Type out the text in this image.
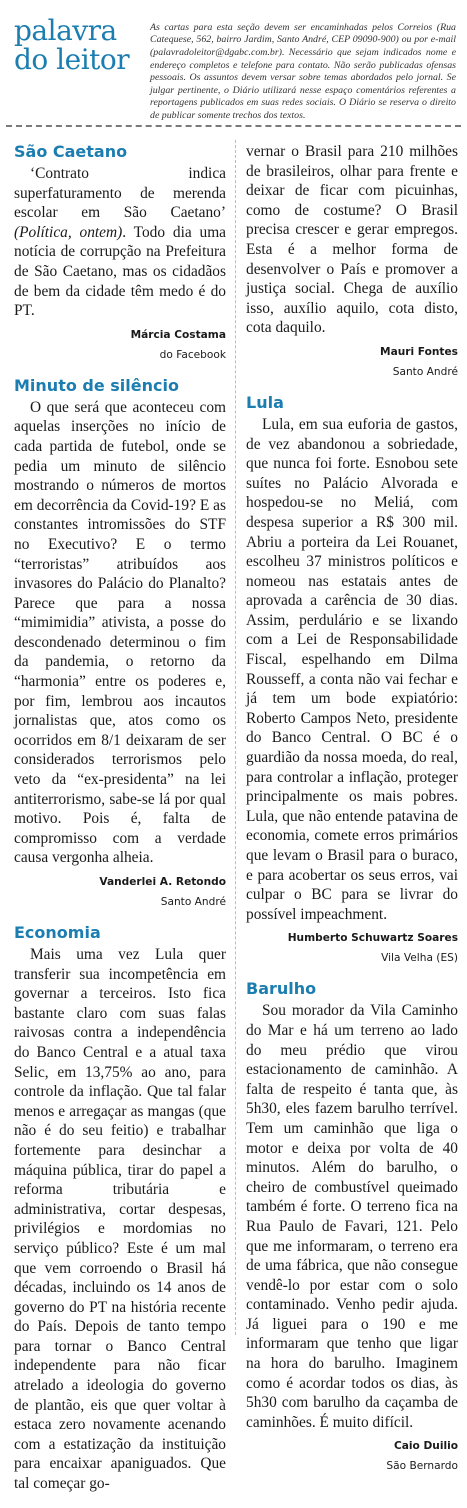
palavra
do leitor

As cartas para esta seção devem ser encaminhadas pelos Correios (Rua Catequese, 562, bairro Jardim, Santo André, CEP 09090-900) ou por e-mail (palavradoleitor@dgabc.com.br). Necessário que sejam indicados nome e endereço completos e telefone para contato. Não serão publicadas ofensas pessoais. Os assuntos devem versar sobre temas abordados pelo jornal. Se julgar pertinente, o Diário utilizará nesse espaço comentários referentes a reportagens publicados em suas redes sociais. O Diário se reserva o direito de publicar somente trechos dos textos.

São Caetano

‘Contrato indica superfaturamento de merenda escolar em São Caetano’ (Política, ontem). Todo dia uma notícia de corrupção na Prefeitura de São Caetano, mas os cidadãos de bem da cidade têm medo é do PT.

Márcia Costama
do Facebook
Minuto de silêncio

O que será que aconteceu com aquelas inserções no início de cada partida de futebol, onde se pedia um minuto de silêncio mostrando o números de mortos em decorrência da Covid-19? E as constantes intromissões do STF no Executivo? E o termo “terroristas” atribuídos aos invasores do Palácio do Planalto? Parece que para a nossa “mimimidia” ativista, a posse do descondenado determinou o fim da pandemia, o retorno da “harmonia” entre os poderes e, por fim, lembrou aos incautos jornalistas que, atos como os ocorridos em 8/1 deixaram de ser considerados terrorismos pelo veto da “ex-presidenta” na lei antiterrorismo, sabe-se lá por qual motivo. Pois é, falta de compromisso com a verdade causa vergonha alheia.

Vanderlei A. Retondo
Santo André
Economia

Mais uma vez Lula quer transferir sua incompetência em governar a terceiros. Isto fica bastante claro com suas falas raivosas contra a independência do Banco Central e a atual taxa Selic, em 13,75% ao ano, para controle da inflação. Que tal falar menos e arregaçar as mangas (que não é do seu feitio) e trabalhar fortemente para desinchar a máquina pública, tirar do papel a reforma tributária e administrativa, cortar despesas, privilégios e mordomias no serviço público? Este é um mal que vem corroendo o Brasil há décadas, incluindo os 14 anos de governo do PT na história recente do País. Depois de tanto tempo para tornar o Banco Central independente para não ficar atrelado a ideologia do governo de plantão, eis que quer voltar à estaca zero novamente acenando com a estatização da instituição para encaixar apaniguados. Que tal começar go-

vernar o Brasil para 210 milhões de brasileiros, olhar para frente e deixar de ficar com picuinhas, como de costume? O Brasil precisa crescer e gerar empregos. Esta é a melhor forma de desenvolver o País e promover a justiça social. Chega de auxílio isso, auxílio aquilo, cota disto, cota daquilo.

Mauri Fontes
Santo André
Lula

Lula, em sua euforia de gastos, de vez abandonou a sobriedade, que nunca foi forte. Esnobou sete suítes no Palácio Alvorada e hospedou-se no Meliá, com despesa superior a R$ 300 mil. Abriu a porteira da Lei Rouanet, escolheu 37 ministros políticos e nomeou nas estatais antes de aprovada a carência de 30 dias. Assim, perdulário e se lixando com a Lei de Responsabilidade Fiscal, espelhando em Dilma Rousseff, a conta não vai fechar e já tem um bode expiatório: Roberto Campos Neto, presidente do Banco Central. O BC é o guardião da nossa moeda, do real, para controlar a inflação, proteger principalmente os mais pobres. Lula, que não entende patavina de economia, comete erros primários que levam o Brasil para o buraco, e para acobertar os seus erros, vai culpar o BC para se livrar do possível impeachment.

Humberto Schuwartz Soares
Vila Velha (ES)
Barulho

Sou morador da Vila Caminho do Mar e há um terreno ao lado do meu prédio que virou estacionamento de caminhão. A falta de respeito é tanta que, às 5h30, eles fazem barulho terrível. Tem um caminhão que liga o motor e deixa por volta de 40 minutos. Além do barulho, o cheiro de combustível queimado também é forte. O terreno fica na Rua Paulo de Favari, 121. Pelo que me informaram, o terreno era de uma fábrica, que não consegue vendê-lo por estar com o solo contaminado. Venho pedir ajuda. Já liguei para o 190 e me informaram que tenho que ligar na hora do barulho. Imaginem como é acordar todos os dias, às 5h30 com barulho da caçamba de caminhões. É muito difícil.

Caio Duilio
São Bernardo
